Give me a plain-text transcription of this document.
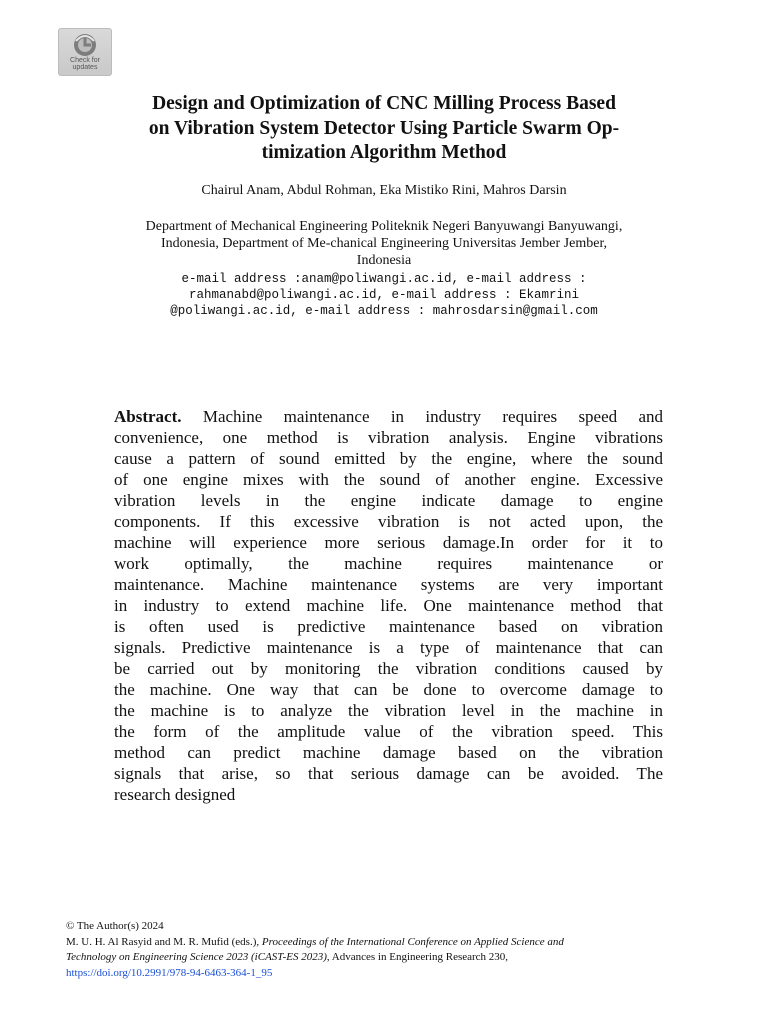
Check for
updates
Design and Optimization of CNC Milling Process Based
on Vibration System Detector Using Particle Swarm Op-
timization Algorithm Method
Chairul Anam, Abdul Rohman, Eka Mistiko Rini, Mahros Darsin
Department of Mechanical Engineering Politeknik Negeri Banyuwangi Banyuwangi,
Indonesia, Department of Me-chanical Engineering Universitas Jember Jember,
Indonesia
e-mail address :anam@poliwangi.ac.id, e-mail address :
rahmanabd@poliwangi.ac.id, e-mail address : Ekamrini
@poliwangi.ac.id, e-mail address : mahrosdarsin@gmail.com
Abstract. Machine maintenance in industry requires speed and
convenience, one method is vibration analysis. Engine vibrations
cause a pattern of sound emitted by the engine, where the sound
of one engine mixes with the sound of another engine. Excessive
vibration levels in the engine indicate damage to engine
components. If this excessive vibration is not acted upon, the
machine will experience more serious damage.In order for it to
work optimally, the machine requires maintenance or
maintenance. Machine maintenance systems are very important
in industry to extend machine life. One maintenance method that
is often used is predictive maintenance based on vibration
signals. Predictive maintenance is a type of maintenance that can
be carried out by monitoring the vibration conditions caused by
the machine. One way that can be done to overcome damage to
the machine is to analyze the vibration level in the machine in
the form of the amplitude value of the vibration speed. This
method can predict machine damage based on the vibration
signals that arise, so that serious damage can be avoided. The
research designed
© The Author(s) 2024
M. U. H. Al Rasyid and M. R. Mufid (eds.), Proceedings of the International Conference on Applied Science and
Technology on Engineering Science 2023 (iCAST-ES 2023), Advances in Engineering Research 230,
https://doi.org/10.2991/978-94-6463-364-1_95
